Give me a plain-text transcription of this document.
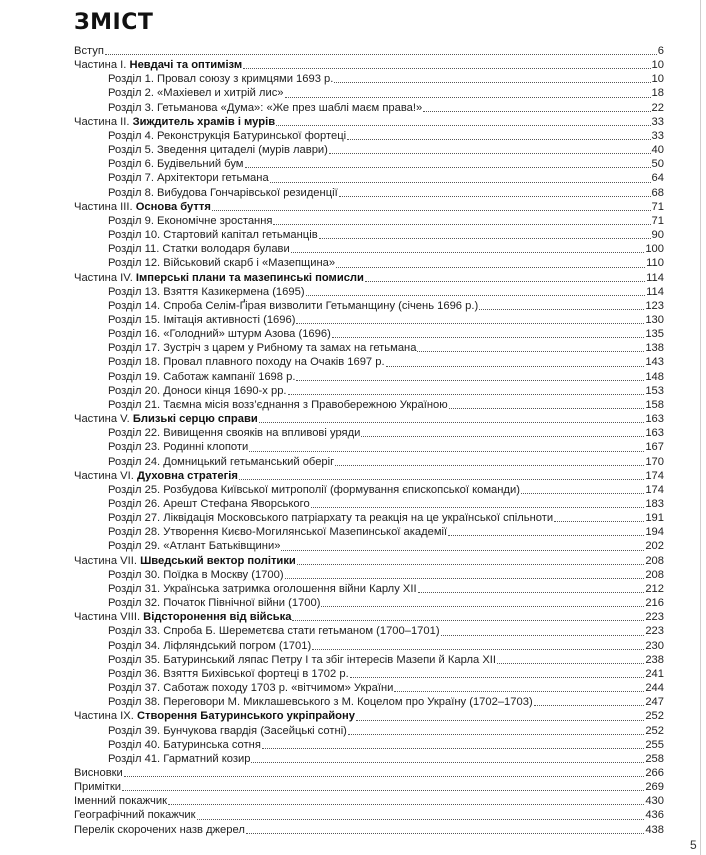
ЗМІСТ
Вступ	6
Частина I. Невдачі та оптимізм	10
Розділ 1. Провал союзу з кримцями 1693 р.	10
Розділ 2. «Махіевел и хитрій лис»	18
Розділ 3. Гетьманова «Дума»: «Же през шаблі маєм права!»	22
Частина II. Зиждитель храмів і мурів	33
Розділ 4. Реконструкція Батуринської фортеці	33
Розділ 5. Зведення цитаделі (мурів лаври)	40
Розділ 6. Будівельний бум	50
Розділ 7. Архітектори гетьмана	64
Розділ 8. Вибудова Гончарівської резиденції	68
Частина III. Основа буття	71
Розділ 9. Економічне зростання	71
Розділ 10. Стартовий капітал гетьманців	90
Розділ 11. Статки володаря булави	100
Розділ 12. Військовий скарб і «Мазепщина»	110
Частина IV. Імперські плани та мазепинські помисли	114
Розділ 13. Взяття Казикермена (1695)	114
Розділ 14. Спроба Селім-Ґірая визволити Гетьманщину (січень 1696 р.)	123
Розділ 15. Імітація активності (1696)	130
Розділ 16. «Голодний» штурм Азова (1696)	135
Розділ 17. Зустріч з царем у Рибному та замах на гетьмана	138
Розділ 18. Провал плавного походу на Очаків 1697 р.	143
Розділ 19. Саботаж кампанії 1698 р.	148
Розділ 20. Доноси кінця 1690-х рр.	153
Розділ 21. Таємна місія возз’єднання з Правобережною Україною	158
Частина V. Близькі серцю справи	163
Розділ 22. Вивищення свояків на впливові уряди	163
Розділ 23. Родинні клопоти	167
Розділ 24. Домницький гетьманський оберіг	170
Частина VI. Духовна стратегія	174
Розділ 25. Розбудова Київської митрополії (формування єпископської команди)	174
Розділ 26. Арешт Стефана Яворського	183
Розділ 27. Ліквідація Московського патріархату та реакція на це української спільноти	191
Розділ 28. Утворення Києво-Могилянської Мазепинської академії	194
Розділ 29. «Атлант Батьківщини»	202
Частина VII. Шведський вектор політики	208
Розділ 30. Поїдка в Москву (1700)	208
Розділ 31. Українська затримка оголошення війни Карлу XII	212
Розділ 32. Початок Північної війни (1700)	216
Частина VIII. Відсторонення від війська	223
Розділ 33. Спроба Б. Шереметєва стати гетьманом (1700–1701)	223
Розділ 34. Ліфляндський погром (1701)	230
Розділ 35. Батуринський ляпас Петру I та збіг інтересів Мазепи й Карла XII	238
Розділ 36. Взяття Бихівської фортеці в 1702 р.	241
Розділ 37. Саботаж походу 1703 р. «вітчимом» України	244
Розділ 38. Переговори М. Миклашевського з М. Коцелом про Україну (1702–1703)	247
Частина IX. Створення Батуринського укріпрайону	252
Розділ 39. Бунчукова гвардія (Засейцькі сотні)	252
Розділ 40. Батуринська сотня	255
Розділ 41. Гарматний козир	258
Висновки	266
Примітки	269
Іменний покажчик	430
Географічний покажчик	436
Перелік скорочених назв джерел	438
5
